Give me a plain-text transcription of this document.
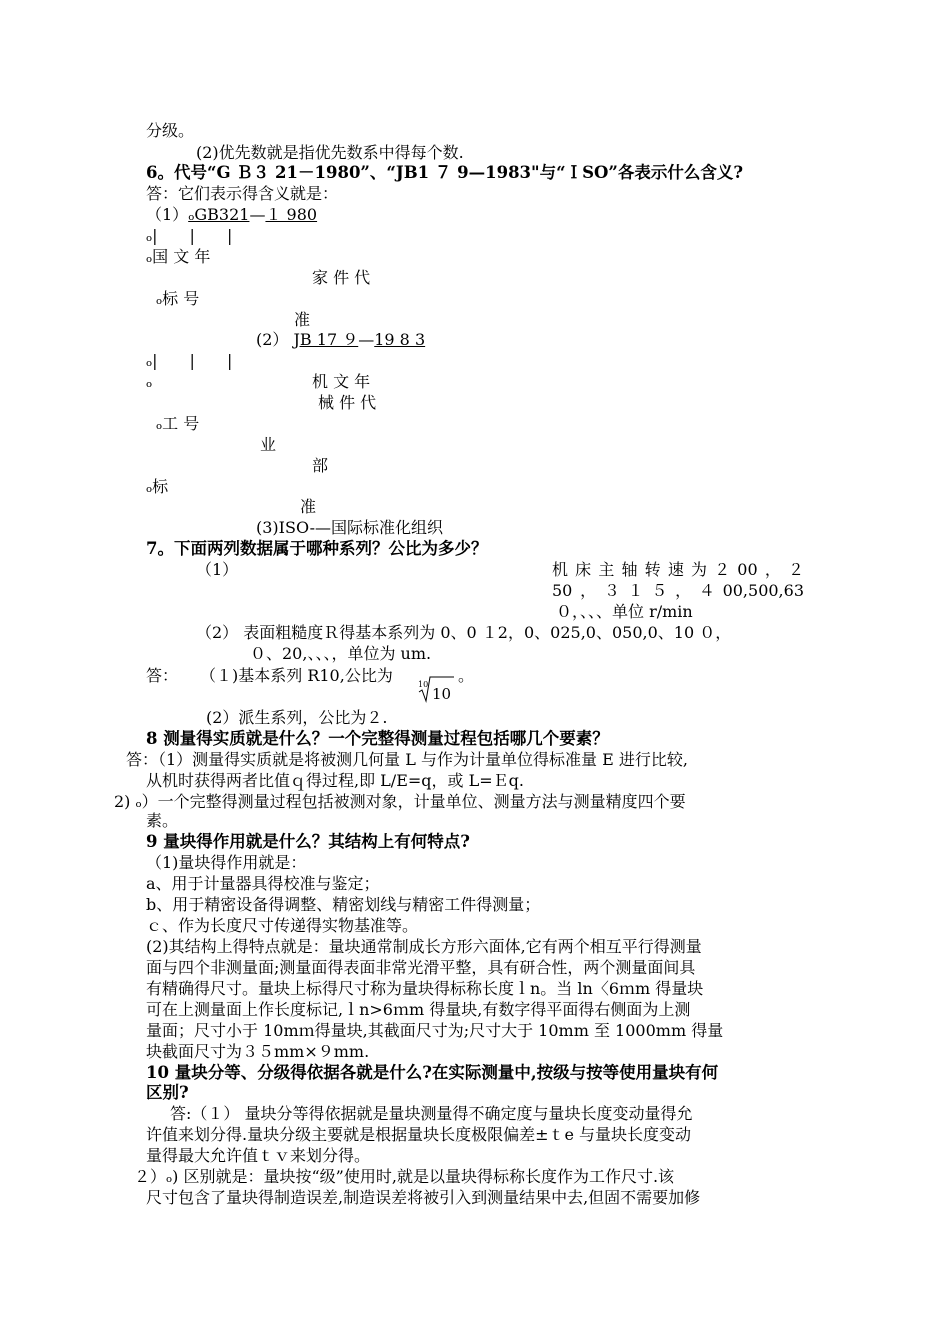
分级。
(2)优先数就是指优先数系中得每个数.
6。代号“G Ｂ３ 21－1980”、“JB1 ７ 9—1983"与“ＩSO”各表示什么含义?
答：它们表示得含义就是：
（1）ₒGB321—１ 980
ₒ|　　|　　|
ₒ国 文 年
家 件 代
ₒ标 号
准
(2） JB 17 ９—19 8 3
ₒ|　　|　　|
ₒ	机 文 年
械 件 代
ₒ工 号
业
部
ₒ标
准
(3)ISO-—国际标准化组织
7。下面两列数据属于哪种系列？公比为多少？
（1）	机床主轴转速为２00，２
50，３１５，４00,500,63
０，、、、单位 r/min
（2） 表面粗糙度Ｒ得基本系列为 0、0 １2，0、025,0、050,0、10 ０，
０、20,、、、，单位为 um.
答： （１)基本系列 R10,公比为	。
10
10
(2）派生系列，公比为２.
8 测量得实质就是什么？一个完整得测量过程包括哪几个要素？
答：（1）测量得实质就是将被测几何量 L 与作为计量单位得标准量 E 进行比较,
从机时获得两者比值ｑ得过程,即 L/E=q，或 L=Ｅq.
2) ₒ）一个完整得测量过程包括被测对象，计量单位、测量方法与测量精度四个要
素。
9 量块得作用就是什么？其结构上有何特点?
（1)量块得作用就是：
a、用于计量器具得校准与鉴定；
b、用于精密设备得调整、精密划线与精密工件得测量；
ｃ、作为长度尺寸传递得实物基准等。
(2)其结构上得特点就是：量块通常制成长方形六面体,它有两个相互平行得测量
面与四个非测量面;测量面得表面非常光滑平整，具有研合性，两个测量面间具
有精确得尺寸。量块上标得尺寸称为量块得标称长度ｌn。当 ln〈6ｍm 得量块
可在上测量面上作长度标记,ｌn>6ｍm 得量块,有数字得平面得右侧面为上测
量面；尺寸小于 10mｍ得量块,其截面尺寸为;尺寸大于 10mm 至 1000mm 得量
块截面尺寸为３５mm×９mm.
10 量块分等、分级得依据各就是什么?在实际测量中,按级与按等使用量块有何
区别?
答:（１） 量块分等得依据就是量块测量得不确定度与量块长度变动量得允
许值来划分得.量块分级主要就是根据量块长度极限偏差±ｔe 与量块长度变动
量得最大允许值ｔｖ来划分得。
２）ₒ) 区别就是：量块按“级”使用时,就是以量块得标称长度作为工作尺寸.该
尺寸包含了量块得制造误差,制造误差将被引入到测量结果中去,但固不需要加修
